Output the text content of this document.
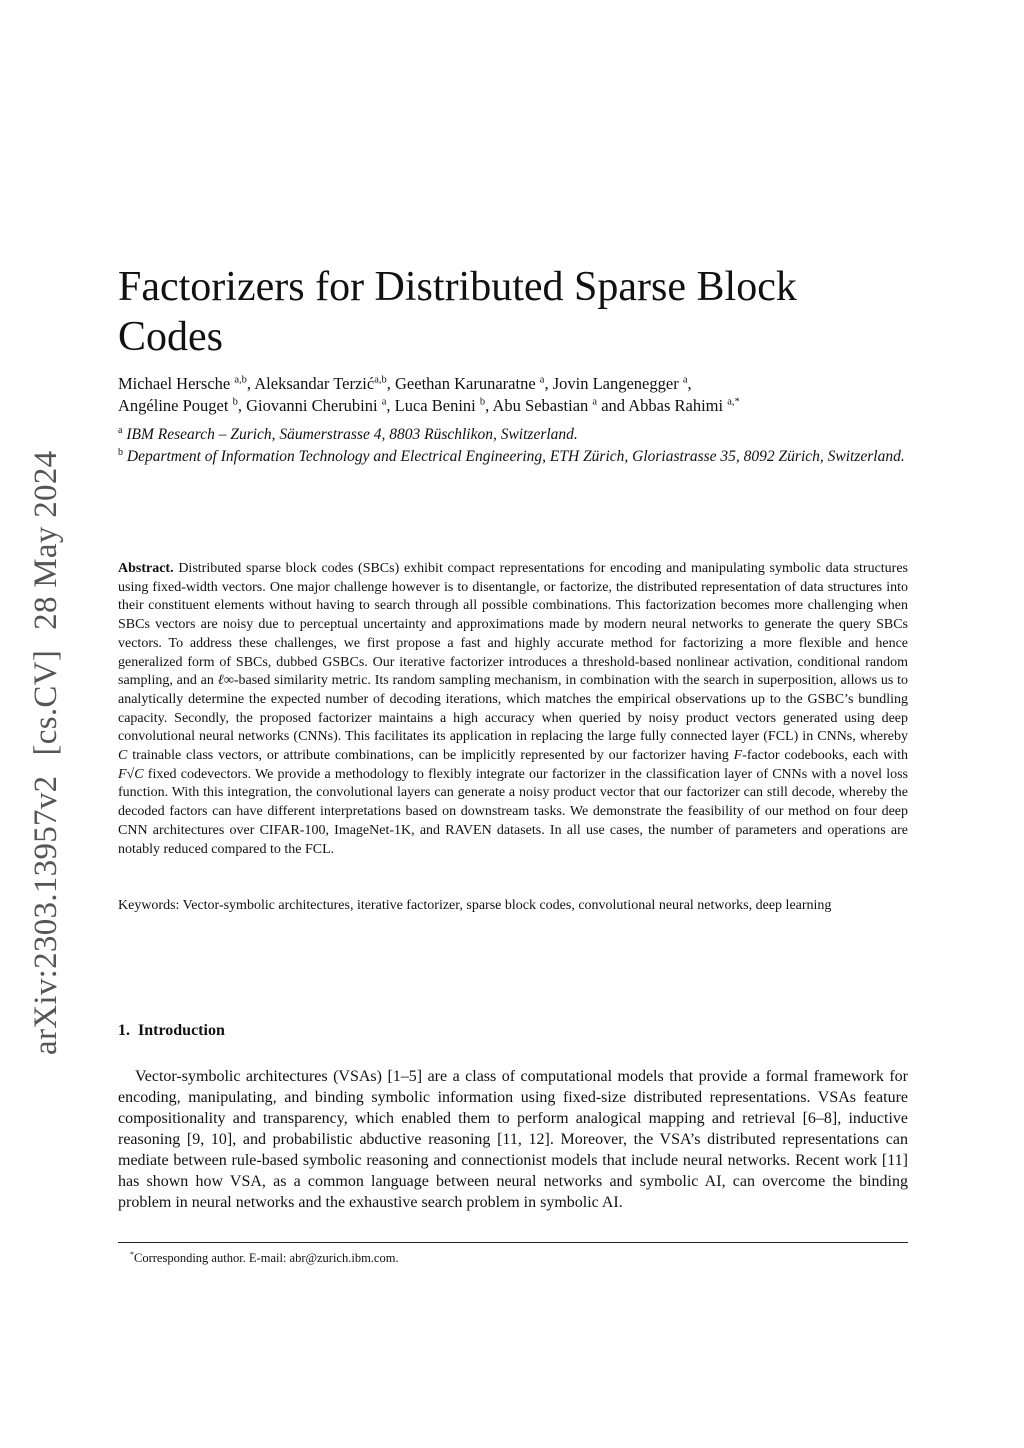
arXiv:2303.13957v2[cs.CV]28 May 2024
Factorizers for Distributed Sparse Block Codes
Michael Hersche $^{a,b}$, Aleksandar Terzić$^{a,b}$, Geethan Karunaratne $^a$, Jovin Langenegger $^a$,
Angéline Pouget $^b$, Giovanni Cherubini $^a$, Luca Benini $^b$, Abu Sebastian $^a$ and Abbas Rahimi $^{a,*}$
$^a$ IBM Research – Zurich, Säumerstrasse 4, 8803 Rüschlikon, Switzerland.
$^b$ Department of Information Technology and Electrical Engineering, ETH Zürich, Gloriastrasse 35, 8092 Zürich, Switzerland.
Abstract. Distributed sparse block codes (SBCs) exhibit compact representations for encoding and manipulating symbolic data structures using fixed-width vectors. One major challenge however is to disentangle, or factorize, the distributed representation of data structures into their constituent elements without having to search through all possible combinations. This factorization becomes more challenging when SBCs vectors are noisy due to perceptual uncertainty and approximations made by modern neural networks to generate the query SBCs vectors. To address these challenges, we first propose a fast and highly accurate method for factorizing a more flexible and hence generalized form of SBCs, dubbed GSBCs. Our iterative factorizer introduces a threshold-based nonlinear activation, conditional random sampling, and an ℓ∞-based similarity metric. Its random sampling mechanism, in combination with the search in superposition, allows us to analytically determine the expected number of decoding iterations, which matches the empirical observations up to the GSBC’s bundling capacity. Secondly, the proposed factorizer maintains a high accuracy when queried by noisy product vectors generated using deep convolutional neural networks (CNNs). This facilitates its application in replacing the large fully connected layer (FCL) in CNNs, whereby C trainable class vectors, or attribute combinations, can be implicitly represented by our factorizer having F-factor codebooks, each with F√C fixed codevectors. We provide a methodology to flexibly integrate our factorizer in the classification layer of CNNs with a novel loss function. With this integration, the convolutional layers can generate a noisy product vector that our factorizer can still decode, whereby the decoded factors can have different interpretations based on downstream tasks. We demonstrate the feasibility of our method on four deep CNN architectures over CIFAR-100, ImageNet-1K, and RAVEN datasets. In all use cases, the number of parameters and operations are notably reduced compared to the FCL.
Keywords: Vector-symbolic architectures, iterative factorizer, sparse block codes, convolutional neural networks, deep learning
1. Introduction
Vector-symbolic architectures (VSAs) [1–5] are a class of computational models that provide a formal framework for encoding, manipulating, and binding symbolic information using fixed-size distributed representations. VSAs feature compositionality and transparency, which enabled them to perform analogical mapping and retrieval [6–8], inductive reasoning [9, 10], and probabilistic abductive reasoning [11, 12]. Moreover, the VSA’s distributed representations can mediate between rule-based symbolic reasoning and connectionist models that include neural networks. Recent work [11] has shown how VSA, as a common language between neural networks and symbolic AI, can overcome the binding problem in neural networks and the exhaustive search problem in symbolic AI.
*Corresponding author. E-mail: abr@zurich.ibm.com.
